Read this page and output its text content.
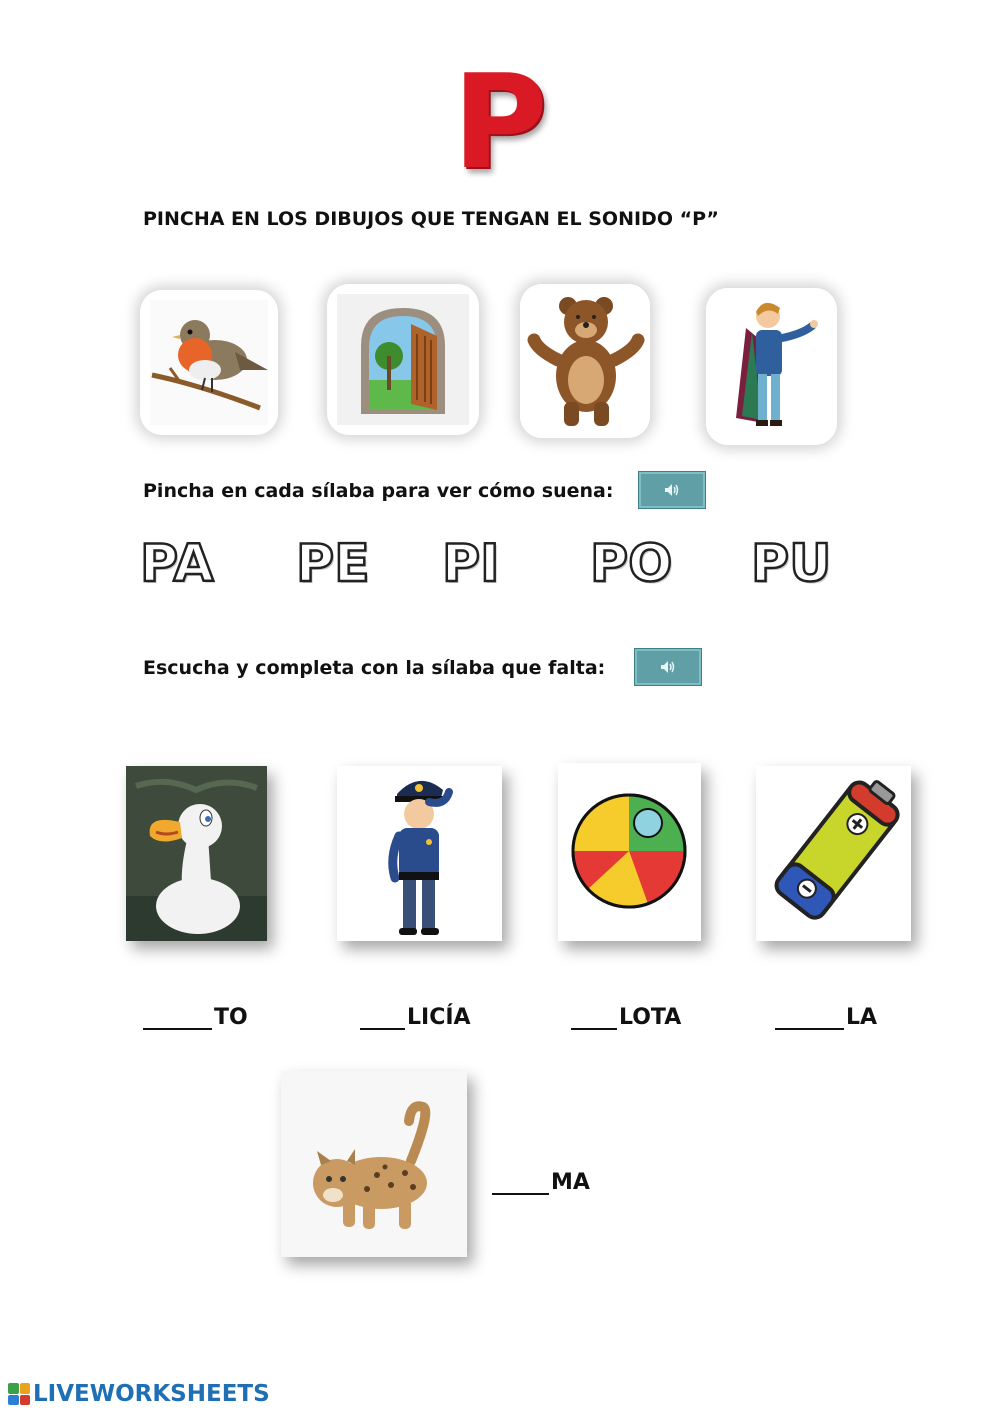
P
PINCHA EN LOS DIBUJOS QUE TENGAN EL SONIDO “P”
Pincha en cada sílaba para ver cómo suena:
PA PE PI PO PU
Escucha y completa con la sílaba que falta:
TO	LICÍA	LOTA	LA
MA
LIVEWORKSHEETS
